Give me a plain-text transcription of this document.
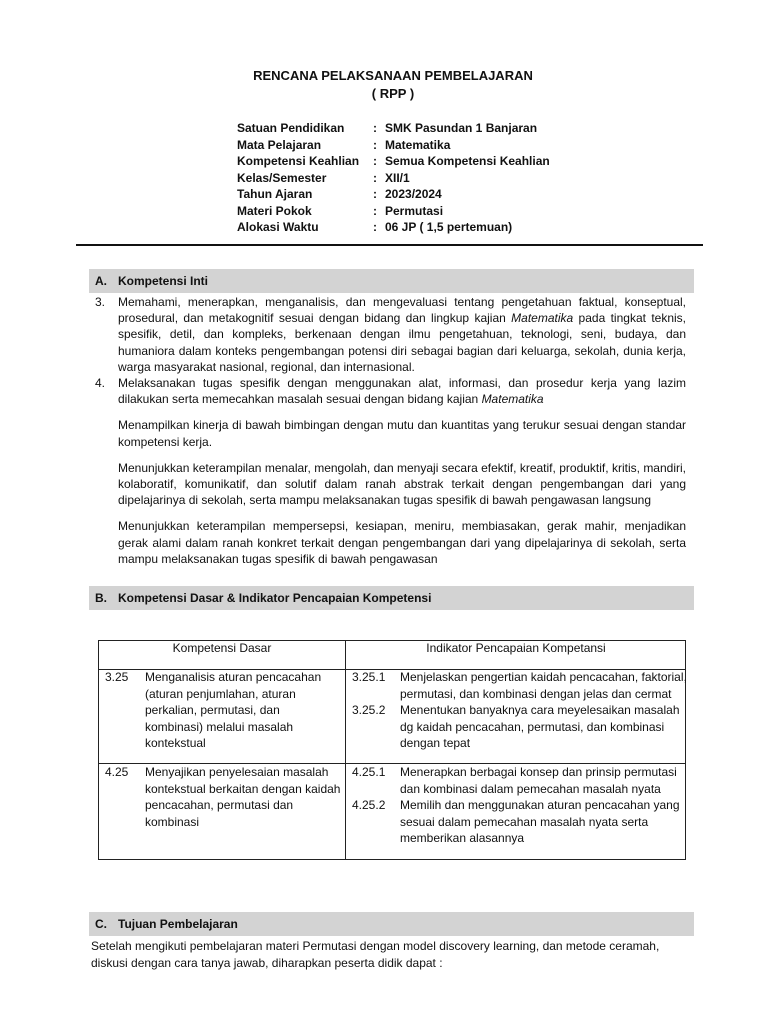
RENCANA PELAKSANAAN PEMBELAJARAN
( RPP )
Satuan Pendidikan : SMK Pasundan 1 Banjaran
Mata Pelajaran	: Matematika
Kompetensi Keahlian : Semua Kompetensi Keahlian
Kelas/Semester	: XII/1
Tahun Ajaran	: 2023/2024
Materi Pokok	: Permutasi
Alokasi Waktu	: 06 JP ( 1,5 pertemuan)
A. Kompetensi Inti
3. Memahami, menerapkan, menganalisis, dan mengevaluasi tentang pengetahuan faktual, konseptual, prosedural, dan metakognitif sesuai dengan bidang dan lingkup kajian Matematika pada tingkat teknis, spesifik, detil, dan kompleks, berkenaan dengan ilmu pengetahuan, teknologi, seni, budaya, dan humaniora dalam konteks pengembangan potensi diri sebagai bagian dari keluarga, sekolah, dunia kerja, warga masyarakat nasional, regional, dan internasional.
4. Melaksanakan tugas spesifik dengan menggunakan alat, informasi, dan prosedur kerja yang lazim dilakukan serta memecahkan masalah sesuai dengan bidang kajian Matematika
Menampilkan kinerja di bawah bimbingan dengan mutu dan kuantitas yang terukur sesuai dengan standar kompetensi kerja.
Menunjukkan keterampilan menalar, mengolah, dan menyaji secara efektif, kreatif, produktif, kritis, mandiri, kolaboratif, komunikatif, dan solutif dalam ranah abstrak terkait dengan pengembangan dari yang dipelajarinya di sekolah, serta mampu melaksanakan tugas spesifik di bawah pengawasan langsung
Menunjukkan keterampilan mempersepsi, kesiapan, meniru, membiasakan, gerak mahir, menjadikan gerak alami dalam ranah konkret terkait dengan pengembangan dari yang dipelajarinya di sekolah, serta mampu melaksanakan tugas spesifik di bawah pengawasan
B. Kompetensi Dasar & Indikator Pencapaian Kompetensi
Kompetensi Dasar	Indikator Pencapaian Kompetansi
3.25 Menganalisis aturan pencacahan (aturan penjumlahan, aturan perkalian, permutasi, dan kombinasi) melalui masalah kontekstual
3.25.1 Menjelaskan pengertian kaidah pencacahan, faktorial, permutasi, dan kombinasi dengan jelas dan cermat
3.25.2 Menentukan banyaknya cara meyelesaikan masalah dg kaidah pencacahan, permutasi, dan kombinasi dengan tepat
4.25 Menyajikan penyelesaian masalah kontekstual berkaitan dengan kaidah pencacahan, permutasi dan kombinasi
4.25.1 Menerapkan berbagai konsep dan prinsip permutasi dan kombinasi dalam pemecahan masalah nyata
4.25.2 Memilih dan menggunakan aturan pencacahan yang sesuai dalam pemecahan masalah nyata serta memberikan alasannya
C. Tujuan Pembelajaran
Setelah mengikuti pembelajaran materi Permutasi dengan model discovery learning, dan metode ceramah, diskusi dengan cara tanya jawab, diharapkan peserta didik dapat :
